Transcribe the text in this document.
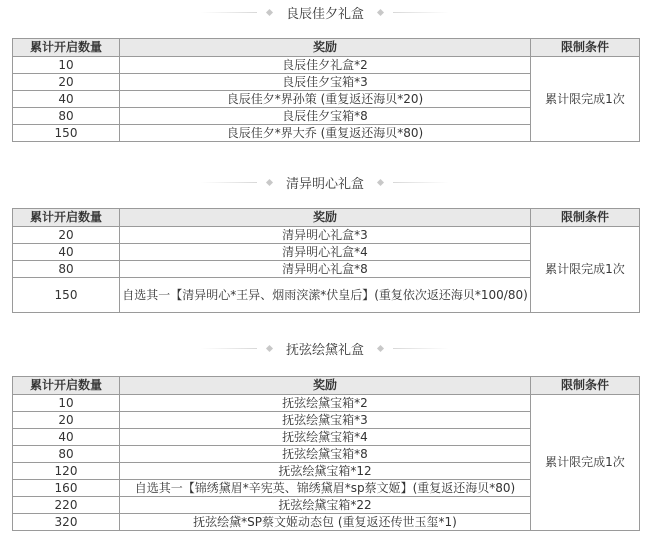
良辰佳夕礼盒
累计开启数量	奖励	限制条件
10	良辰佳夕礼盒*2	累计限完成1次
20	良辰佳夕宝箱*3	
40	良辰佳夕*界孙策 (重复返还海贝*20)	
80	良辰佳夕宝箱*8	
150	良辰佳夕*界大乔 (重复返还海贝*80)	
清异明心礼盒
累计开启数量	奖励	限制条件
20	清异明心礼盒*3	累计限完成1次
40	清异明心礼盒*4	
80	清异明心礼盒*8	
150	自选其一【清异明心*王异、烟雨湥潆*伏皇后】(重复依次返还海贝*100/80)	
抚弦绘黛礼盒
累计开启数量	奖励	限制条件
10	抚弦绘黛宝箱*2	累计限完成1次
20	抚弦绘黛宝箱*3	
40	抚弦绘黛宝箱*4	
80	抚弦绘黛宝箱*8	
120	抚弦绘黛宝箱*12	
160	自选其一【锦绣黛眉*辛宪英、锦绣黛眉*sp蔡文姬】(重复返还海贝*80)	
220	抚弦绘黛宝箱*22	
320	抚弦绘黛*SP蔡文姬动态包 (重复返还传世玉玺*1)	
